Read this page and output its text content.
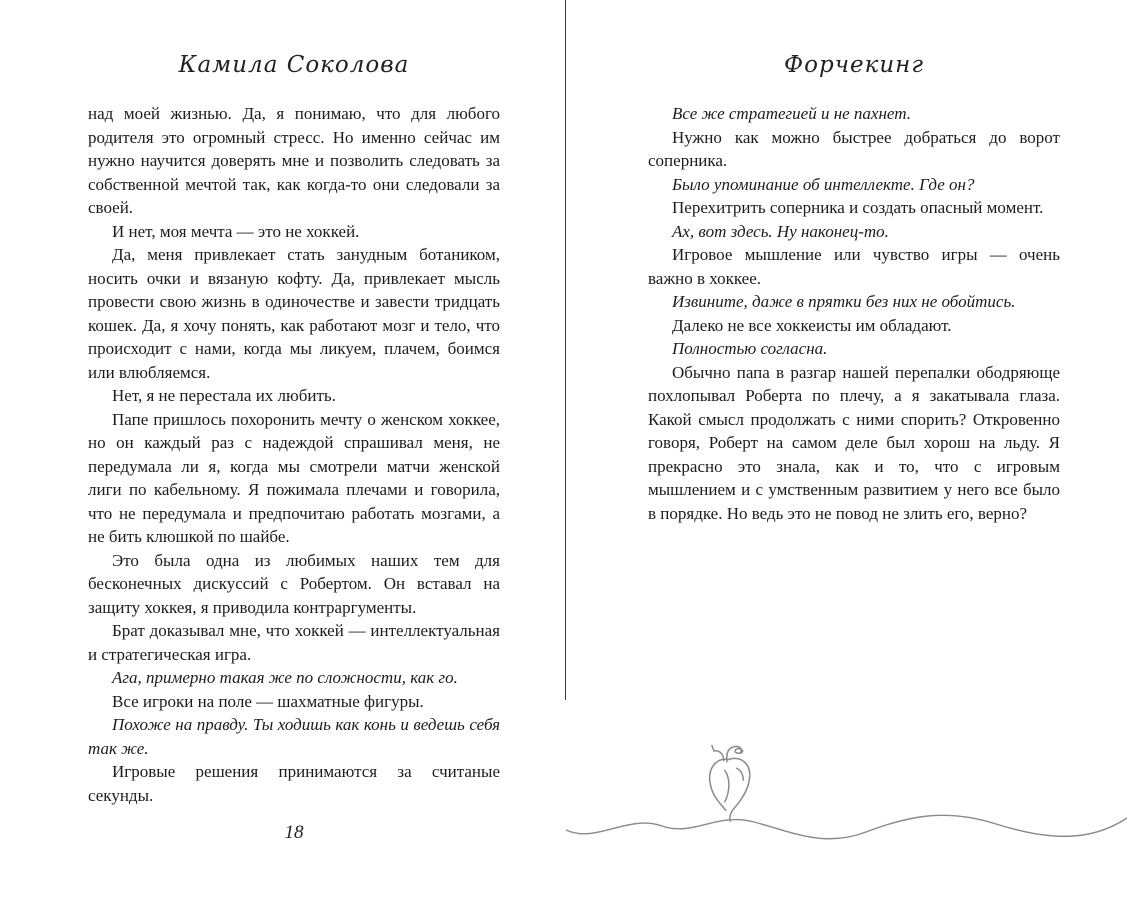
Камила Соколова

над моей жизнью. Да, я понимаю, что для любого родителя это огромный стресс. Но именно сейчас им нужно научится доверять мне и позволить следовать за собственной мечтой так, как когда-то они следовали за своей.

И нет, моя мечта — это не хоккей.

Да, меня привлекает стать занудным ботаником, носить очки и вязаную кофту. Да, привлекает мысль провести свою жизнь в одиночестве и завести тридцать кошек. Да, я хочу понять, как работают мозг и тело, что происходит с нами, когда мы ликуем, плачем, боимся или влюбляемся.

Нет, я не перестала их любить.

Папе пришлось похоронить мечту о женском хоккее, но он каждый раз с надеждой спрашивал меня, не передумала ли я, когда мы смотрели матчи женской лиги по кабельному. Я пожимала плечами и говорила, что не передумала и предпочитаю работать мозгами, а не бить клюшкой по шайбе.

Это была одна из любимых наших тем для бесконечных дискуссий с Робертом. Он вставал на защиту хоккея, я приводила контраргументы.

Брат доказывал мне, что хоккей — интеллектуальная и стратегическая игра.

Ага, примерно такая же по сложности, как го.

Все игроки на поле — шахматные фигуры.

Похоже на правду. Ты ходишь как конь и ведешь себя так же.

Игровые решения принимаются за считаные секунды.

18
Форчекинг

Все же стратегией и не пахнет.

Нужно как можно быстрее добраться до ворот соперника.

Было упоминание об интеллекте. Где он?

Перехитрить соперника и создать опасный момент.

Ах, вот здесь. Ну наконец-то.

Игровое мышление или чувство игры — очень важно в хоккее.

Извините, даже в прятки без них не обойтись.

Далеко не все хоккеисты им обладают.

Полностью согласна.

Обычно папа в разгар нашей перепалки ободряюще похлопывал Роберта по плечу, а я закатывала глаза. Какой смысл продолжать с ними спорить? Откровенно говоря, Роберт на самом деле был хорош на льду. Я прекрасно это знала, как и то, что с игровым мышлением и с умственным развитием у него все было в порядке. Но ведь это не повод не злить его, верно?
